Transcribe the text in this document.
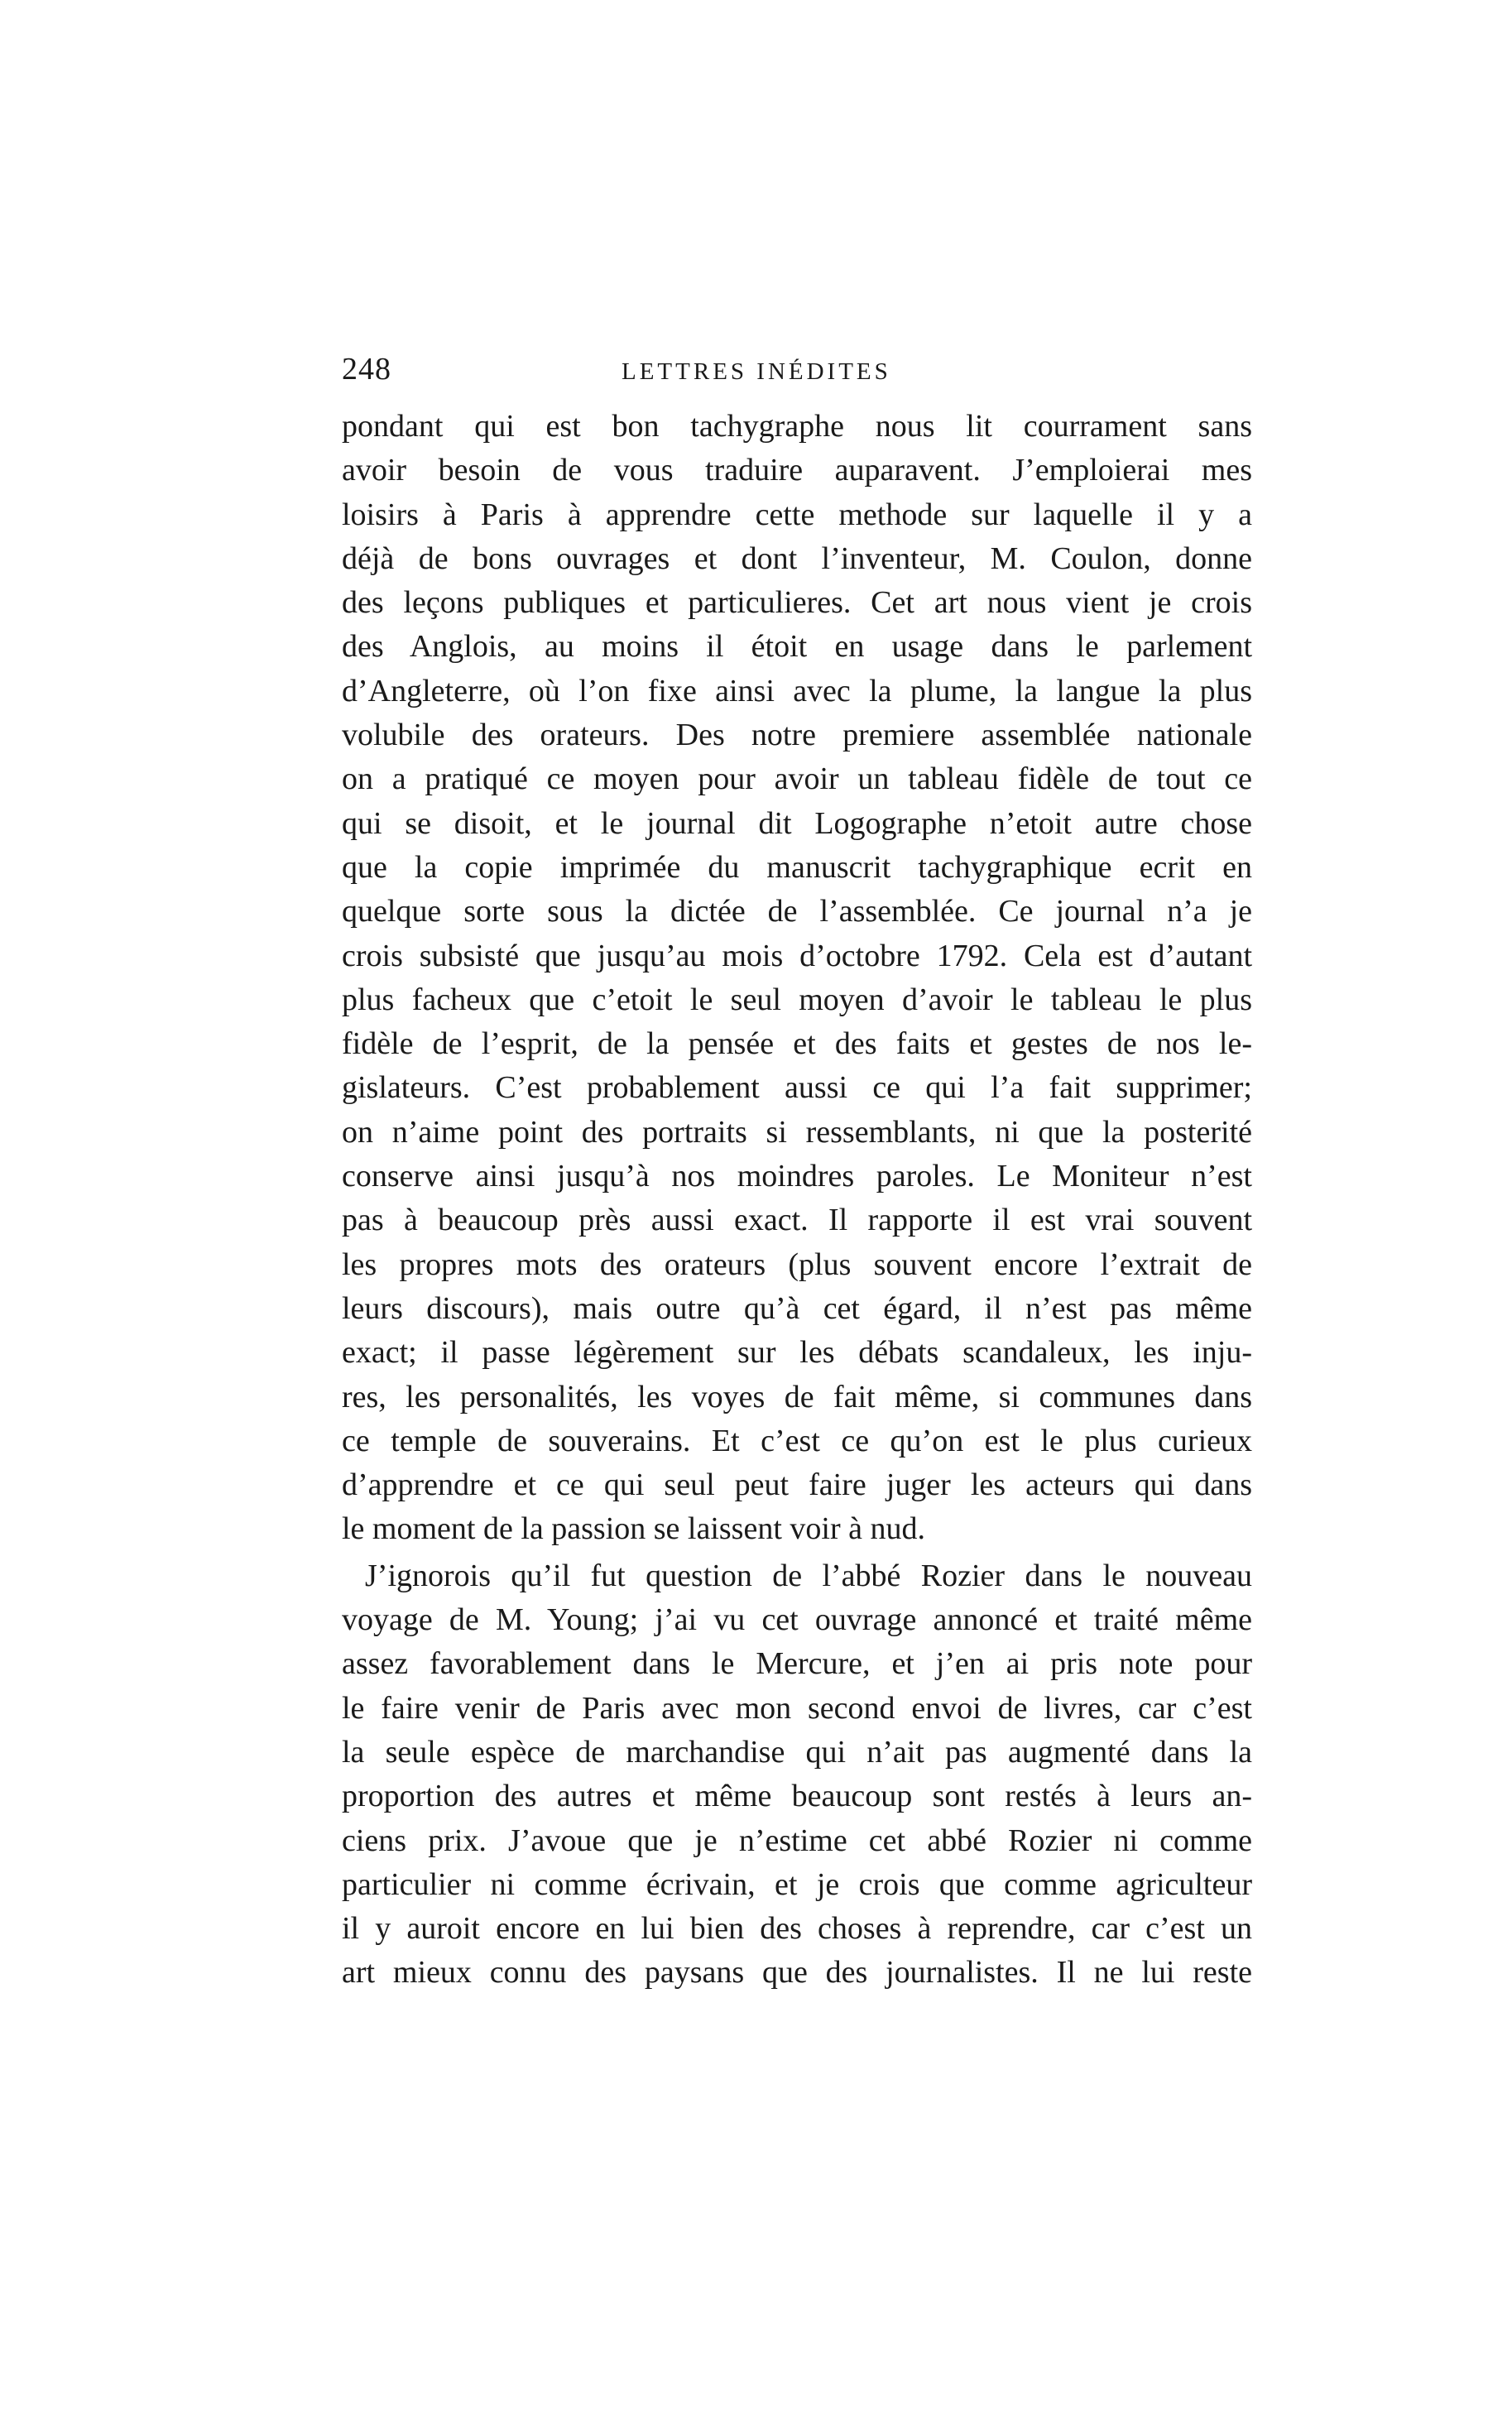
248	LETTRES INÉDITES
pondant qui est bon tachygraphe nous lit courrament sans
avoir besoin de vous traduire auparavent. J’emploierai mes
loisirs à Paris à apprendre cette methode sur laquelle il y a
déjà de bons ouvrages et dont l’inventeur, M. Coulon, donne
des leçons publiques et particulieres. Cet art nous vient je crois
des Anglois, au moins il étoit en usage dans le parlement
d’Angleterre, où l’on fixe ainsi avec la plume, la langue la plus
volubile des orateurs. Des notre premiere assemblée nationale
on a pratiqué ce moyen pour avoir un tableau fidèle de tout ce
qui se disoit, et le journal dit Logographe n’etoit autre chose
que la copie imprimée du manuscrit tachygraphique ecrit en
quelque sorte sous la dictée de l’assemblée. Ce journal n’a je
crois subsisté que jusqu’au mois d’octobre 1792. Cela est d’autant
plus facheux que c’etoit le seul moyen d’avoir le tableau le plus
fidèle de l’esprit, de la pensée et des faits et gestes de nos le-
gislateurs. C’est probablement aussi ce qui l’a fait supprimer;
on n’aime point des portraits si ressemblants, ni que la posterité
conserve ainsi jusqu’à nos moindres paroles. Le Moniteur n’est
pas à beaucoup près aussi exact. Il rapporte il est vrai souvent
les propres mots des orateurs (plus souvent encore l’extrait de
leurs discours), mais outre qu’à cet égard, il n’est pas même
exact; il passe légèrement sur les débats scandaleux, les inju-
res, les personalités, les voyes de fait même, si communes dans
ce temple de souverains. Et c’est ce qu’on est le plus curieux
d’apprendre et ce qui seul peut faire juger les acteurs qui dans
le moment de la passion se laissent voir à nud.
J’ignorois qu’il fut question de l’abbé Rozier dans le nouveau
voyage de M. Young; j’ai vu cet ouvrage annoncé et traité même
assez favorablement dans le Mercure, et j’en ai pris note pour
le faire venir de Paris avec mon second envoi de livres, car c’est
la seule espèce de marchandise qui n’ait pas augmenté dans la
proportion des autres et même beaucoup sont restés à leurs an-
ciens prix. J’avoue que je n’estime cet abbé Rozier ni comme
particulier ni comme écrivain, et je crois que comme agriculteur
il y auroit encore en lui bien des choses à reprendre, car c’est un
art mieux connu des paysans que des journalistes. Il ne lui reste
